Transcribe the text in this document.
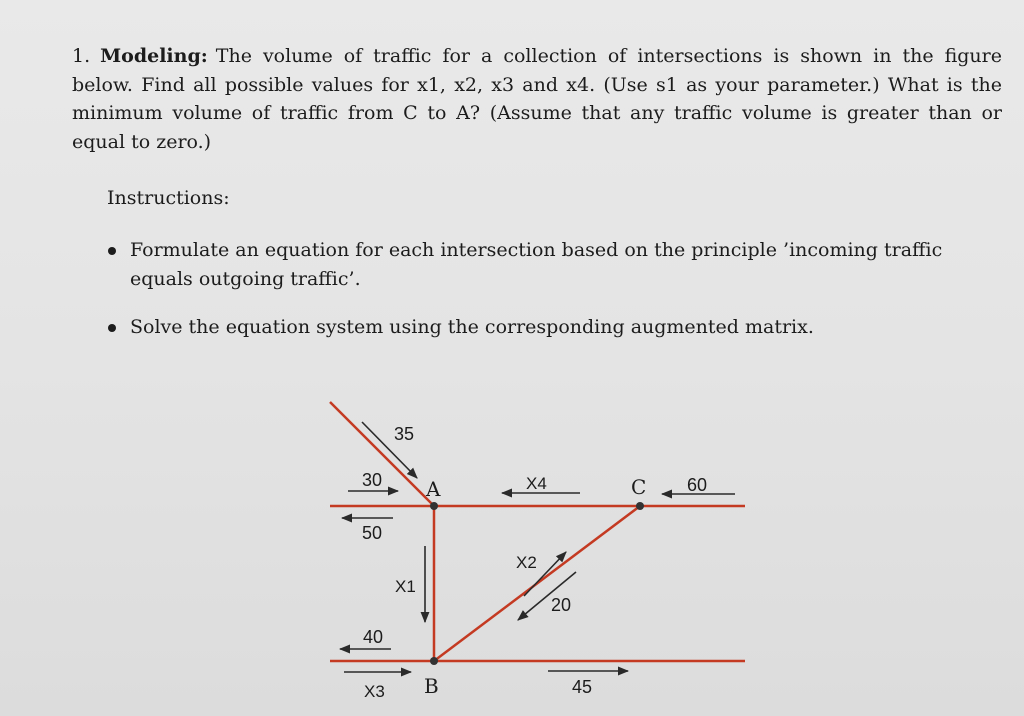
1. Modeling: The volume of traffic for a collection of intersections is shown in the figure below. Find all possible values for x1, x2, x3 and x4. (Use s1 as your parameter.) What is the minimum volume of traffic from C to A? (Assume that any traffic volume is greater than or equal to zero.)
Instructions:
Formulate an equation for each intersection based on the principle ’incoming traffic equals outgoing traffic’.
Solve the equation system using the corresponding augmented matrix.
A
B
C
35
30
50
X4	60
X1
X2
20
40
X3	45
